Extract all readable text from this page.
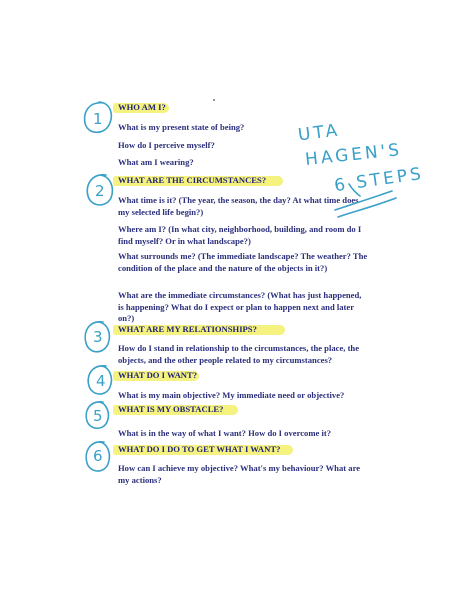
WHO AM I?
What is my present state of being?
How do I perceive myself?
What am I wearing?
WHAT ARE THE CIRCUMSTANCES?
What time is it? (The year, the season, the day? At what time does my selected life begin?)
Where am I? (In what city, neighborhood, building, and room do I find myself? Or in what landscape?)
What surrounds me? (The immediate landscape? The weather? The condition of the place and the nature of the objects in it?)
What are the immediate circumstances? (What has just happened, is happening? What do I expect or plan to happen next and later on?)
WHAT ARE MY RELATIONSHIPS?
How do I stand in relationship to the circumstances, the place, the objects, and the other people related to my circumstances?
WHAT DO I WANT?
What is my main objective? My immediate need or objective?
WHAT IS MY OBSTACLE?
What is in the way of what I want? How do I overcome it?
WHAT DO I DO TO GET WHAT I WANT?
How can I achieve my objective? What's my behaviour? What are my actions?
1
2
3
4
5
6
UTA
HAGEN'S
6 STEPS
